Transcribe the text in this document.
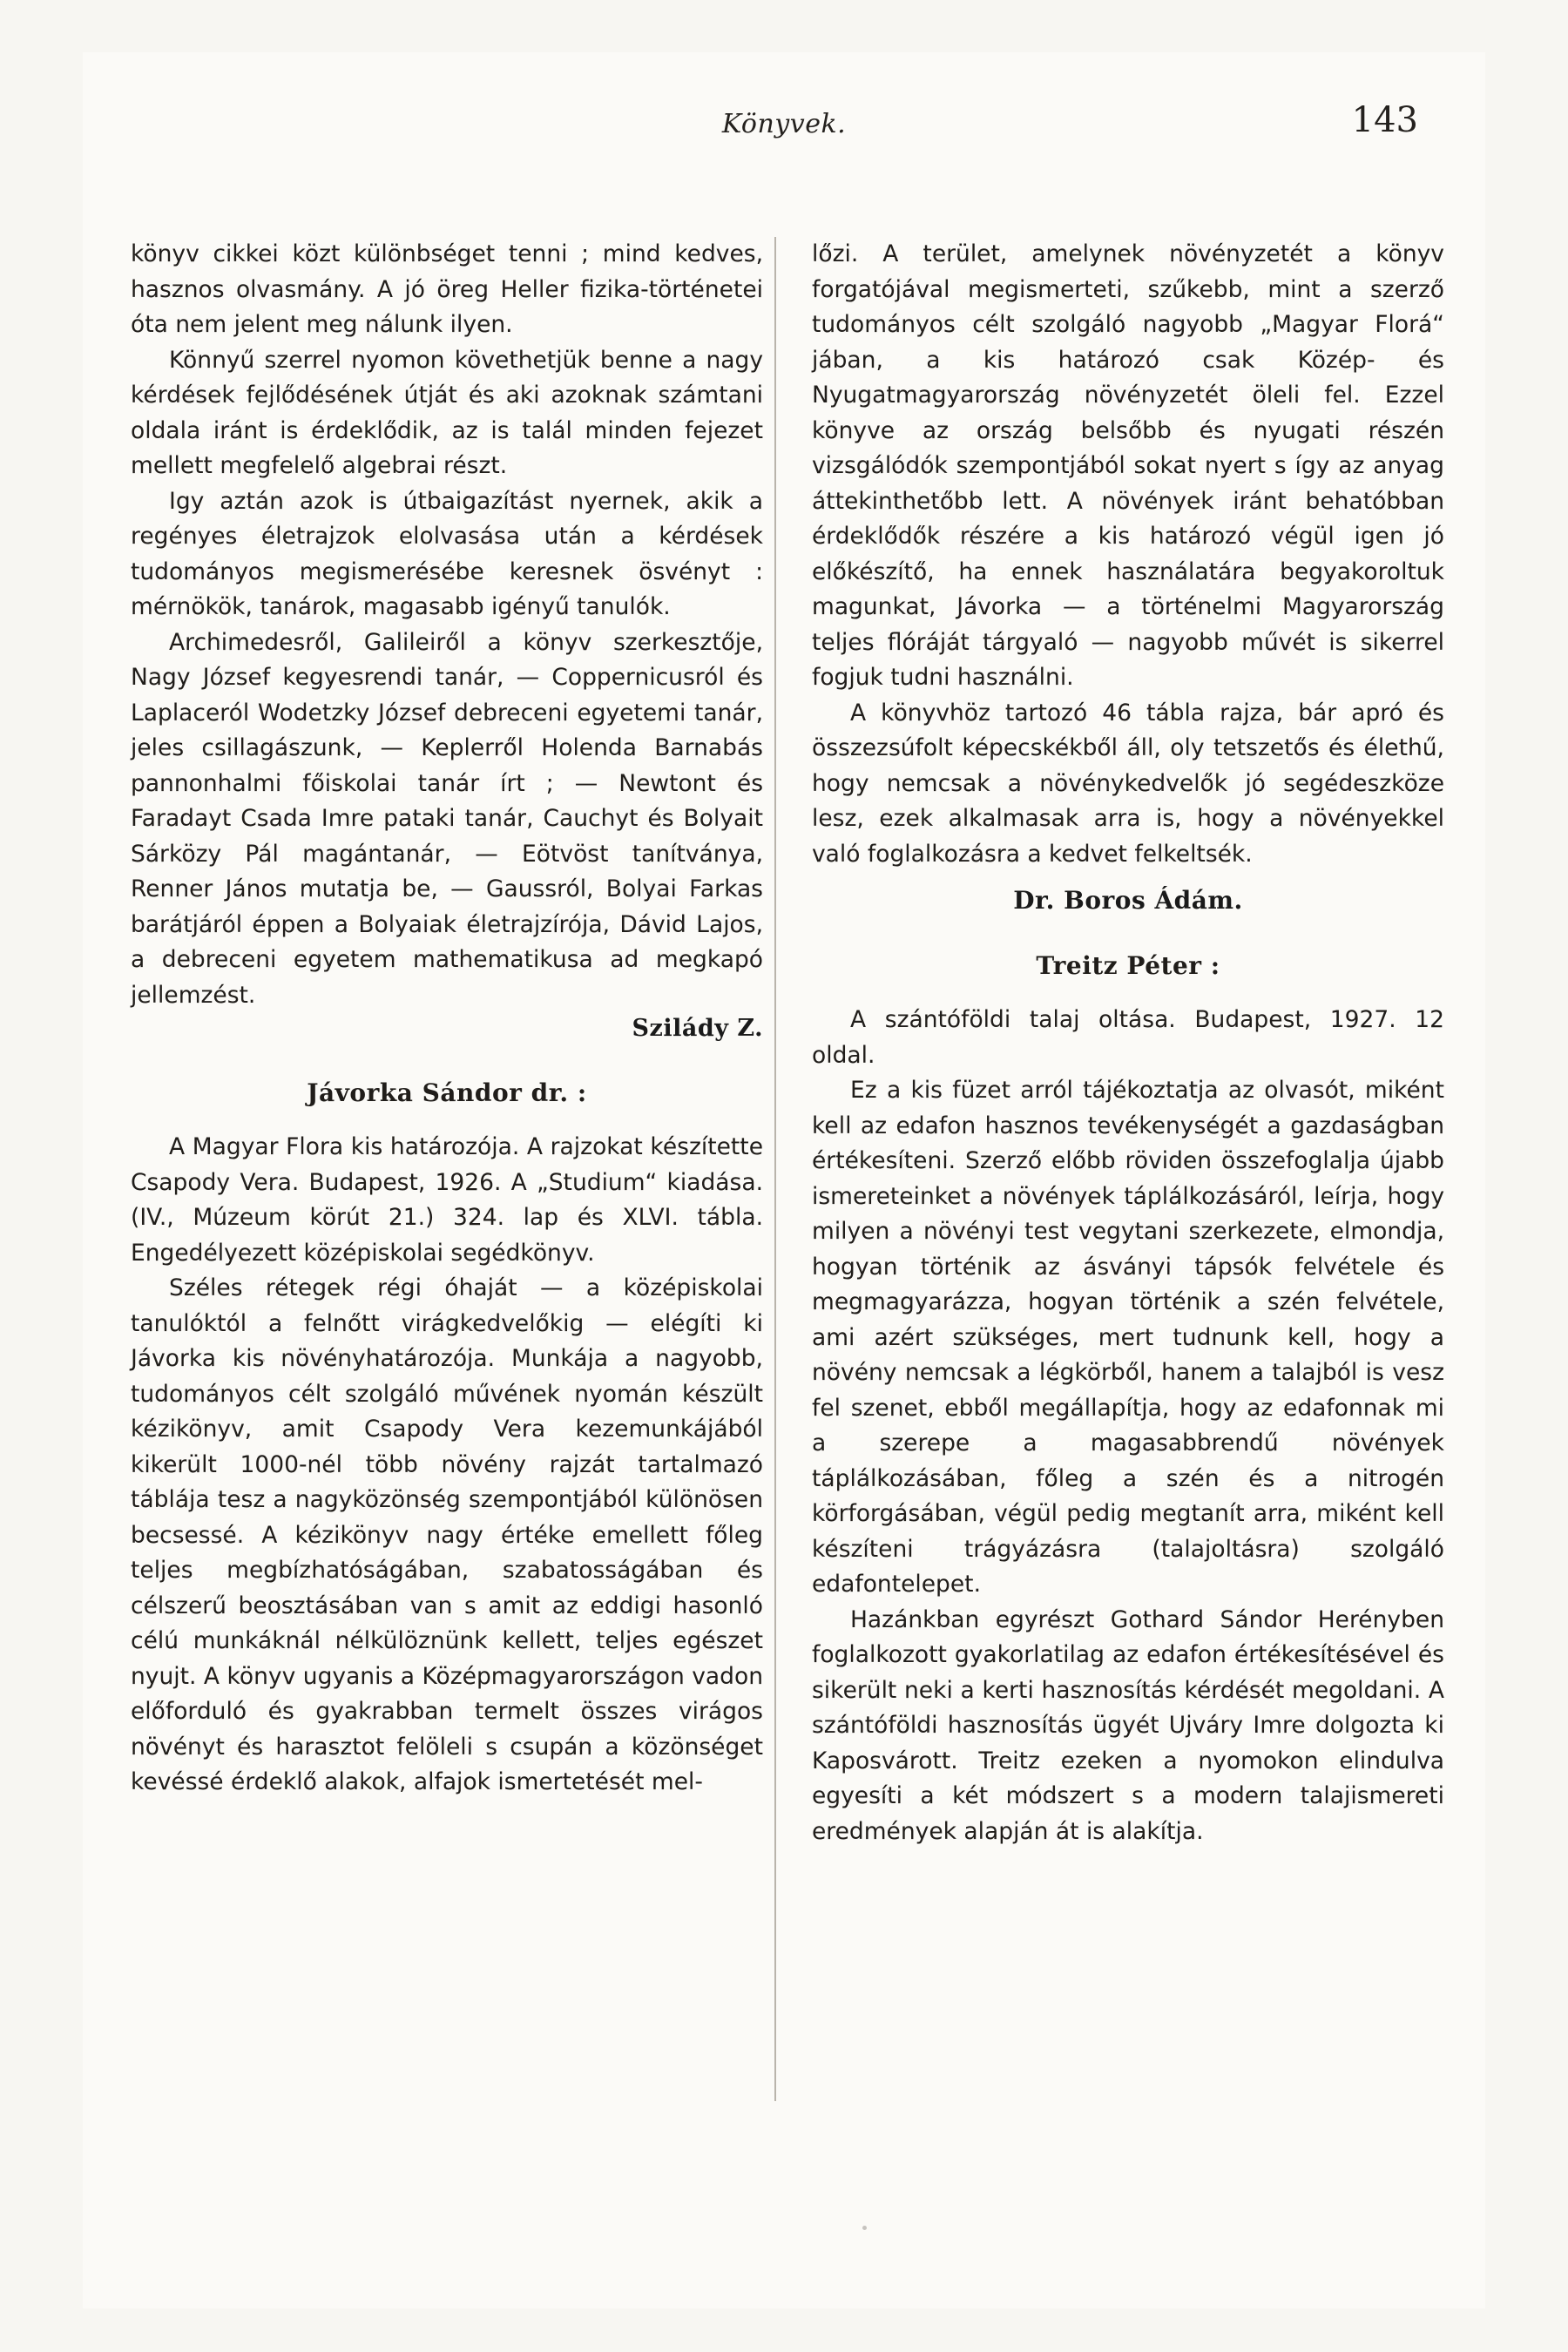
Könyvek.	143

könyv cikkei közt különbséget tenni ; mind kedves, hasznos olvasmány. A jó öreg Heller fizika-történetei óta nem jelent meg nálunk ilyen.

Könnyű szerrel nyomon követhetjük benne a nagy kérdések fejlődésének útját és aki azoknak számtani oldala iránt is érdeklődik, az is talál minden fejezet mellett megfelelő algebrai részt.

Igy aztán azok is útbaigazítást nyernek, akik a regényes életrajzok elolvasása után a kérdések tudományos megismerésébe keresnek ösvényt : mérnökök, tanárok, magasabb igényű tanulók.

Archimedesről, Galileiről a könyv szerkesztője, Nagy József kegyesrendi tanár, — Coppernicusról és Laplaceról Wodetzky József debreceni egyetemi tanár, jeles csillagászunk, — Keplerről Holenda Barnabás pannonhalmi főiskolai tanár írt ; — Newtont és Faradayt Csada Imre pataki tanár, Cauchyt és Bolyait Sárközy Pál magántanár, — Eötvöst tanítványa, Renner János mutatja be, — Gaussról, Bolyai Farkas barátjáról éppen a Bolyaiak életrajzírója, Dávid Lajos, a debreceni egyetem mathematikusa ad megkapó jellemzést.

Szilády Z.
Jávorka Sándor dr. :

A Magyar Flora kis határozója. A rajzokat készítette Csapody Vera. Budapest, 1926. A „Studium“ kiadása. (IV., Múzeum körút 21.) 324. lap és XLVI. tábla. Engedélyezett középiskolai segédkönyv.

Széles rétegek régi óhaját — a középiskolai tanulóktól a felnőtt virágkedvelőkig — elégíti ki Jávorka kis növényhatározója. Munkája a nagyobb, tudományos célt szolgáló művének nyomán készült kézikönyv, amit Csapody Vera kezemunkájából kikerült 1000-nél több növény rajzát tartalmazó táblája tesz a nagyközönség szempontjából különösen becsessé. A kézikönyv nagy értéke emellett főleg teljes megbízhatóságában, szabatosságában és célszerű beosztásában van s amit az eddigi hasonló célú munkáknál nélkülöznünk kellett, teljes egészet nyujt. A könyv ugyanis a Középmagyarországon vadon előforduló és gyakrabban termelt összes virágos növényt és harasztot felöleli s csupán a közönséget kevéssé érdeklő alakok, alfajok ismertetését mel-

lőzi. A terület, amelynek növényzetét a könyv forgatójával megismerteti, szűkebb, mint a szerző tudományos célt szolgáló nagyobb „Magyar Florá“ jában, a kis határozó csak Közép- és Nyugatmagyarország növényzetét öleli fel. Ezzel könyve az ország belsőbb és nyugati részén vizsgálódók szempontjából sokat nyert s így az anyag áttekinthetőbb lett. A növények iránt behatóbban érdeklődők részére a kis határozó végül igen jó előkészítő, ha ennek használatára begyakoroltuk magunkat, Jávorka — a történelmi Magyarország teljes flóráját tárgyaló — nagyobb művét is sikerrel fogjuk tudni használni.

A könyvhöz tartozó 46 tábla rajza, bár apró és összezsúfolt képecskékből áll, oly tetszetős és élethű, hogy nemcsak a növénykedvelők jó segédeszköze lesz, ezek alkalmasak arra is, hogy a növényekkel való foglalkozásra a kedvet felkeltsék.

Dr. Boros Ádám.
Treitz Péter :

A szántóföldi talaj oltása. Budapest, 1927. 12 oldal.

Ez a kis füzet arról tájékoztatja az olvasót, miként kell az edafon hasznos tevékenységét a gazdaságban értékesíteni. Szerző előbb röviden összefoglalja újabb ismereteinket a növények táplálkozásáról, leírja, hogy milyen a növényi test vegytani szerkezete, elmondja, hogyan történik az ásványi tápsók felvétele és megmagyarázza, hogyan történik a szén felvétele, ami azért szükséges, mert tudnunk kell, hogy a növény nemcsak a légkörből, hanem a talajból is vesz fel szenet, ebből megállapítja, hogy az edafonnak mi a szerepe a magasabbrendű növények táplálkozásában, főleg a szén és a nitrogén körforgásában, végül pedig megtanít arra, miként kell készíteni trágyázásra (talajoltásra) szolgáló edafontelepet.

Hazánkban egyrészt Gothard Sándor Herényben foglalkozott gyakorlatilag az edafon értékesítésével és sikerült neki a kerti hasznosítás kérdését megoldani. A szántóföldi hasznosítás ügyét Ujváry Imre dolgozta ki Kaposvárott. Treitz ezeken a nyomokon elindulva egyesíti a két módszert s a modern talajismereti eredmények alapján át is alakítja.
